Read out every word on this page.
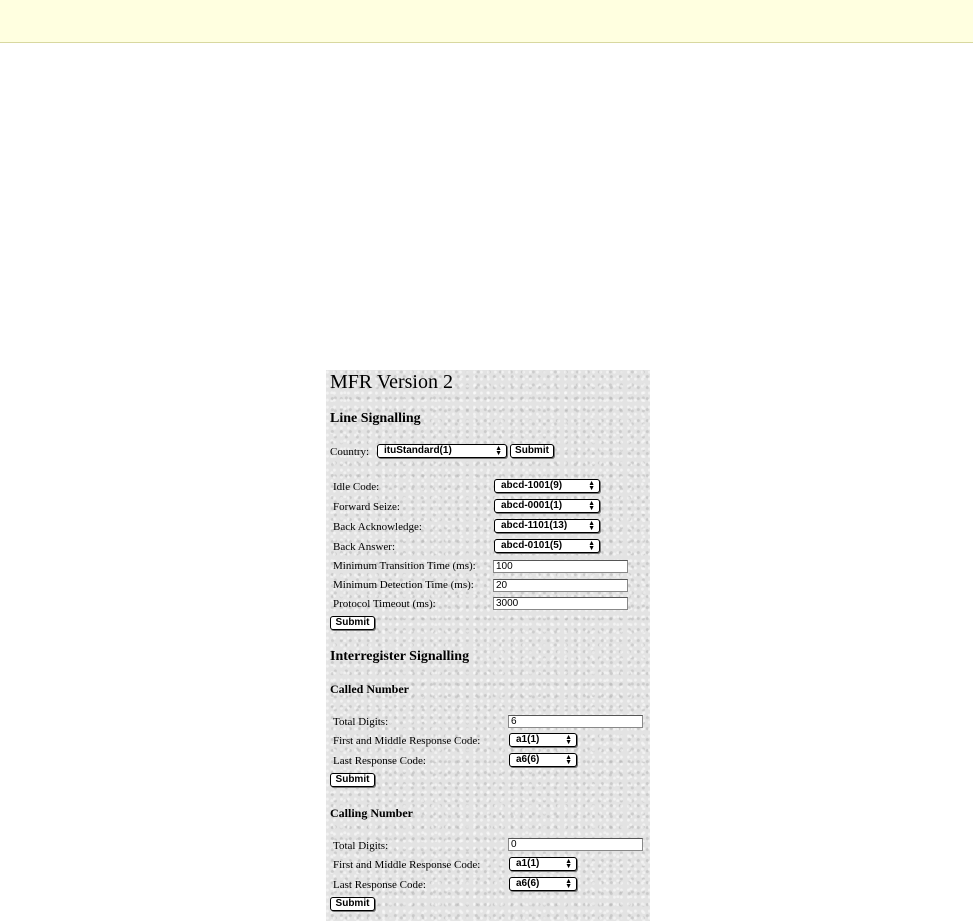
MFR Version 2
Line Signalling
Country:	ituStandard(1)	▲
▼	Submit
Idle Code:	abcd-1001(9)	▲
▼
Forward Seize:	abcd-0001(1)	▲
▼
Back Acknowledge:	abcd-1101(13)	▲
▼
Back Answer:	abcd-0101(5)	▲
▼
Minimum Transition Time (ms):	100
Minimum Detection Time (ms):	20
Protocol Timeout (ms):	3000
Submit
Interregister Signalling
Called Number
Total Digits:	6
First and Middle Response Code:	a1(1)	▲
▼
Last Response Code:	a6(6)	▲
▼
Submit
Calling Number
Total Digits:	0
First and Middle Response Code:	a1(1)	▲
▼
Last Response Code:	a6(6)	▲
▼
Submit
